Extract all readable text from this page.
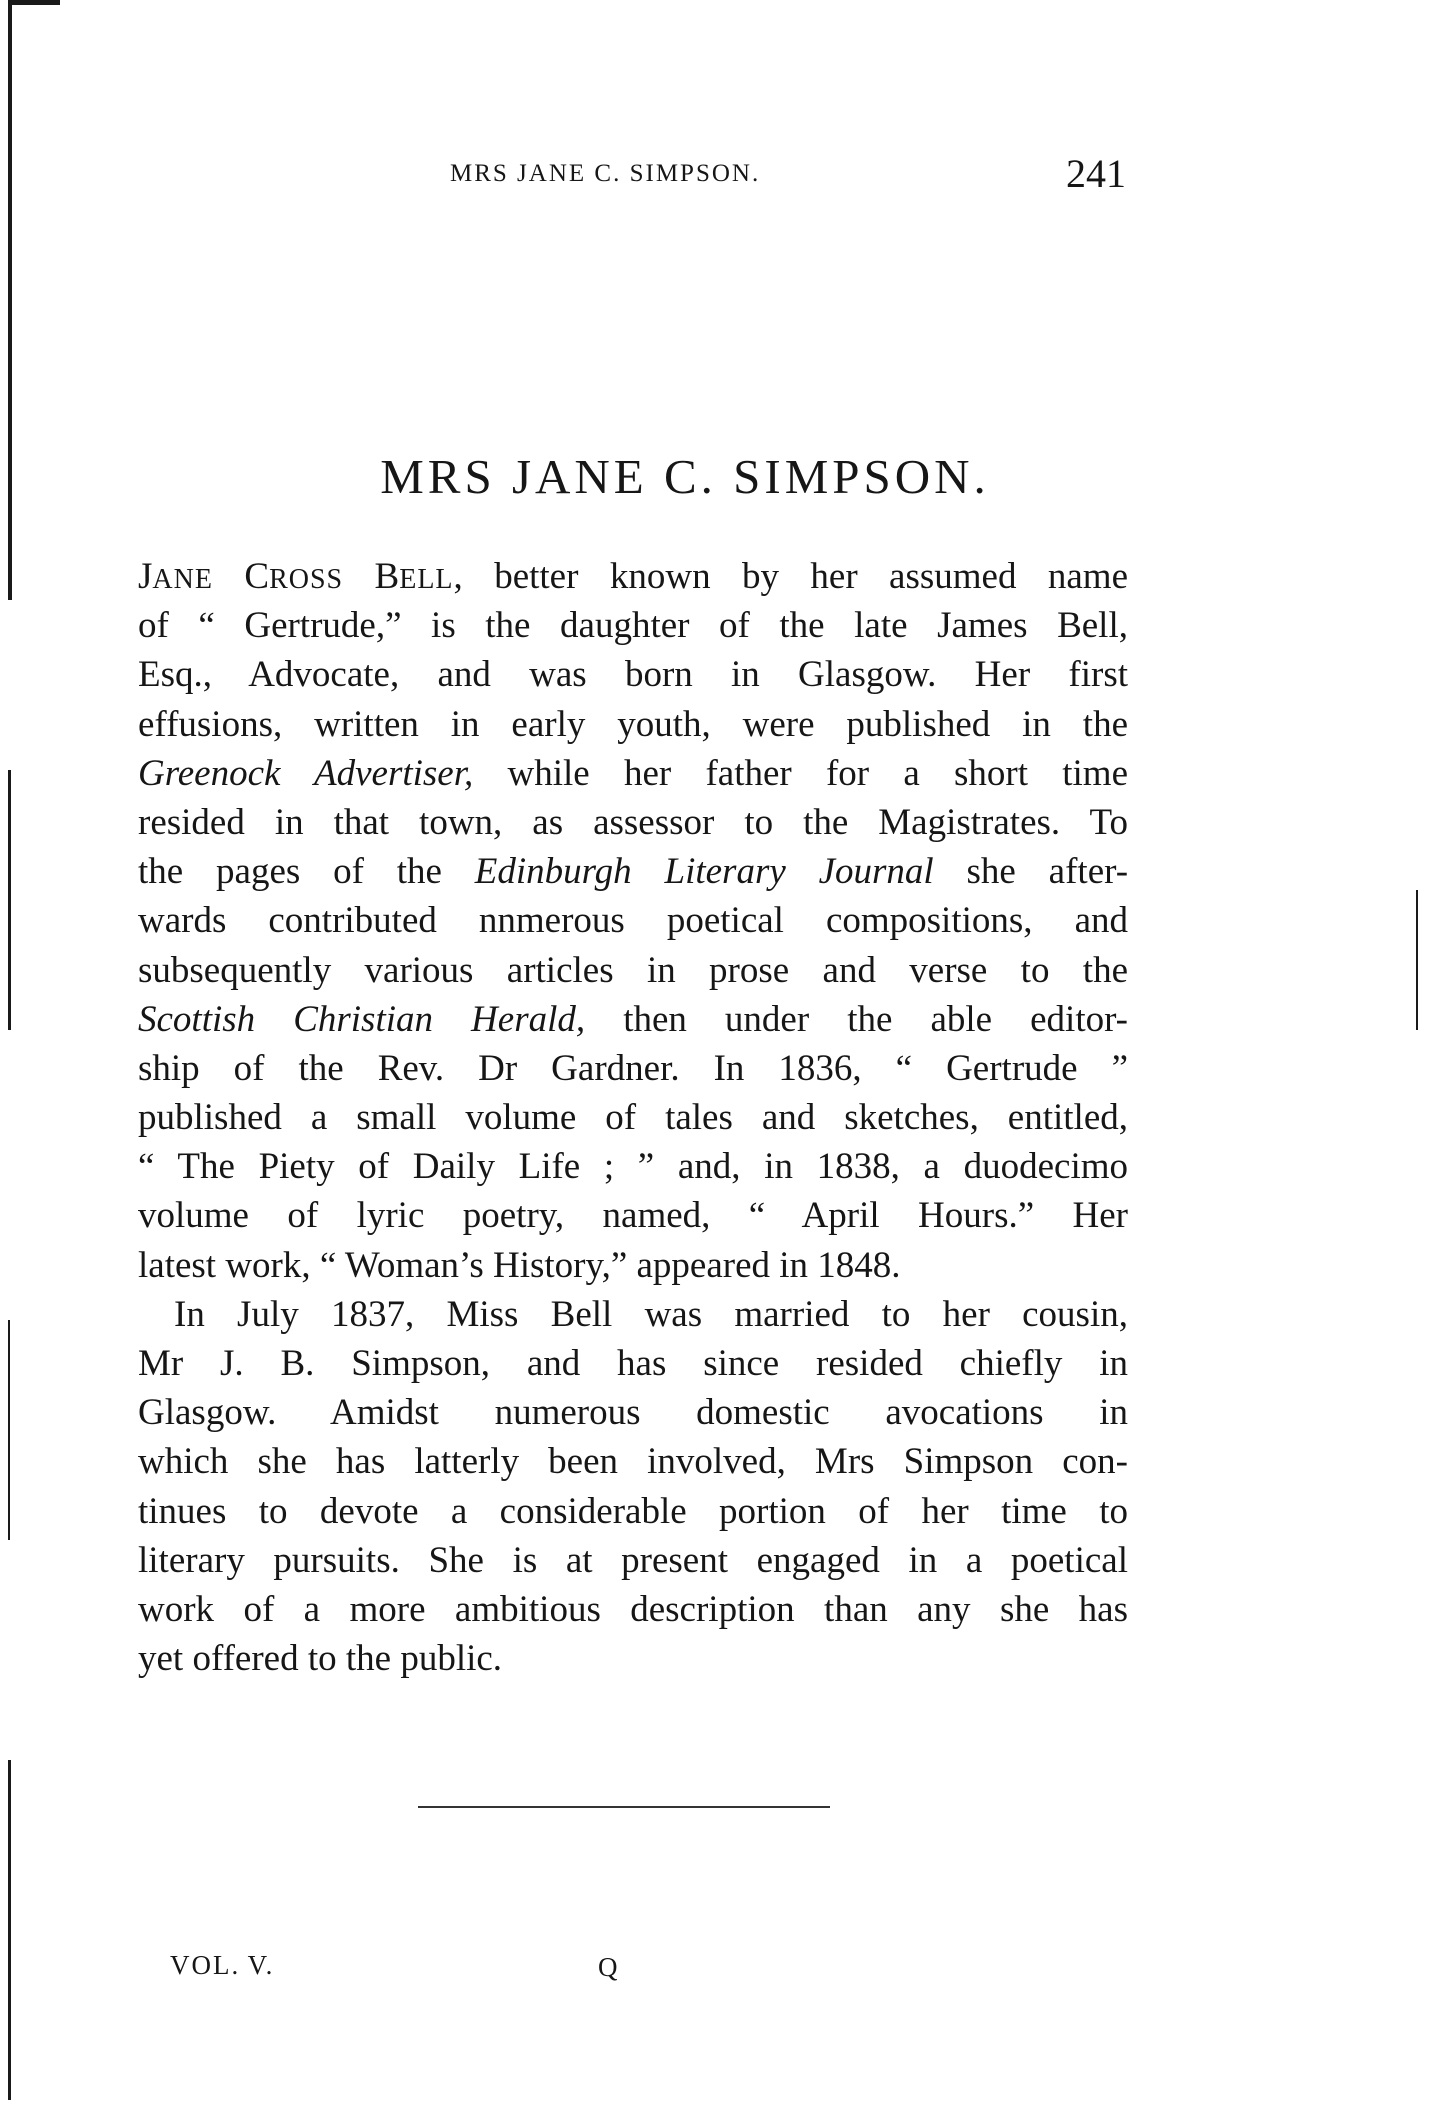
MRS JANE C. SIMPSON.	241
MRS JANE C. SIMPSON.
JANE CROSS BELL, better known by her assumed name
of “ Gertrude,” is the daughter of the late James Bell,
Esq., Advocate, and was born in Glasgow. Her first
effusions, written in early youth, were published in the
Greenock Advertiser, while her father for a short time
resided in that town, as assessor to the Magistrates. To
the pages of the Edinburgh Literary Journal she after-
wards contributed nnmerous poetical compositions, and
subsequently various articles in prose and verse to the
Scottish Christian Herald, then under the able editor-
ship of the Rev. Dr Gardner. In 1836, “ Gertrude ”
published a small volume of tales and sketches, entitled,
“ The Piety of Daily Life ; ” and, in 1838, a duodecimo
volume of lyric poetry, named, “ April Hours.” Her
latest work, “ Woman’s History,” appeared in 1848.
In July 1837, Miss Bell was married to her cousin,
Mr J. B. Simpson, and has since resided chiefly in
Glasgow. Amidst numerous domestic avocations in
which she has latterly been involved, Mrs Simpson con-
tinues to devote a considerable portion of her time to
literary pursuits. She is at present engaged in a poetical
work of a more ambitious description than any she has
yet offered to the public.
VOL. V.	Q
